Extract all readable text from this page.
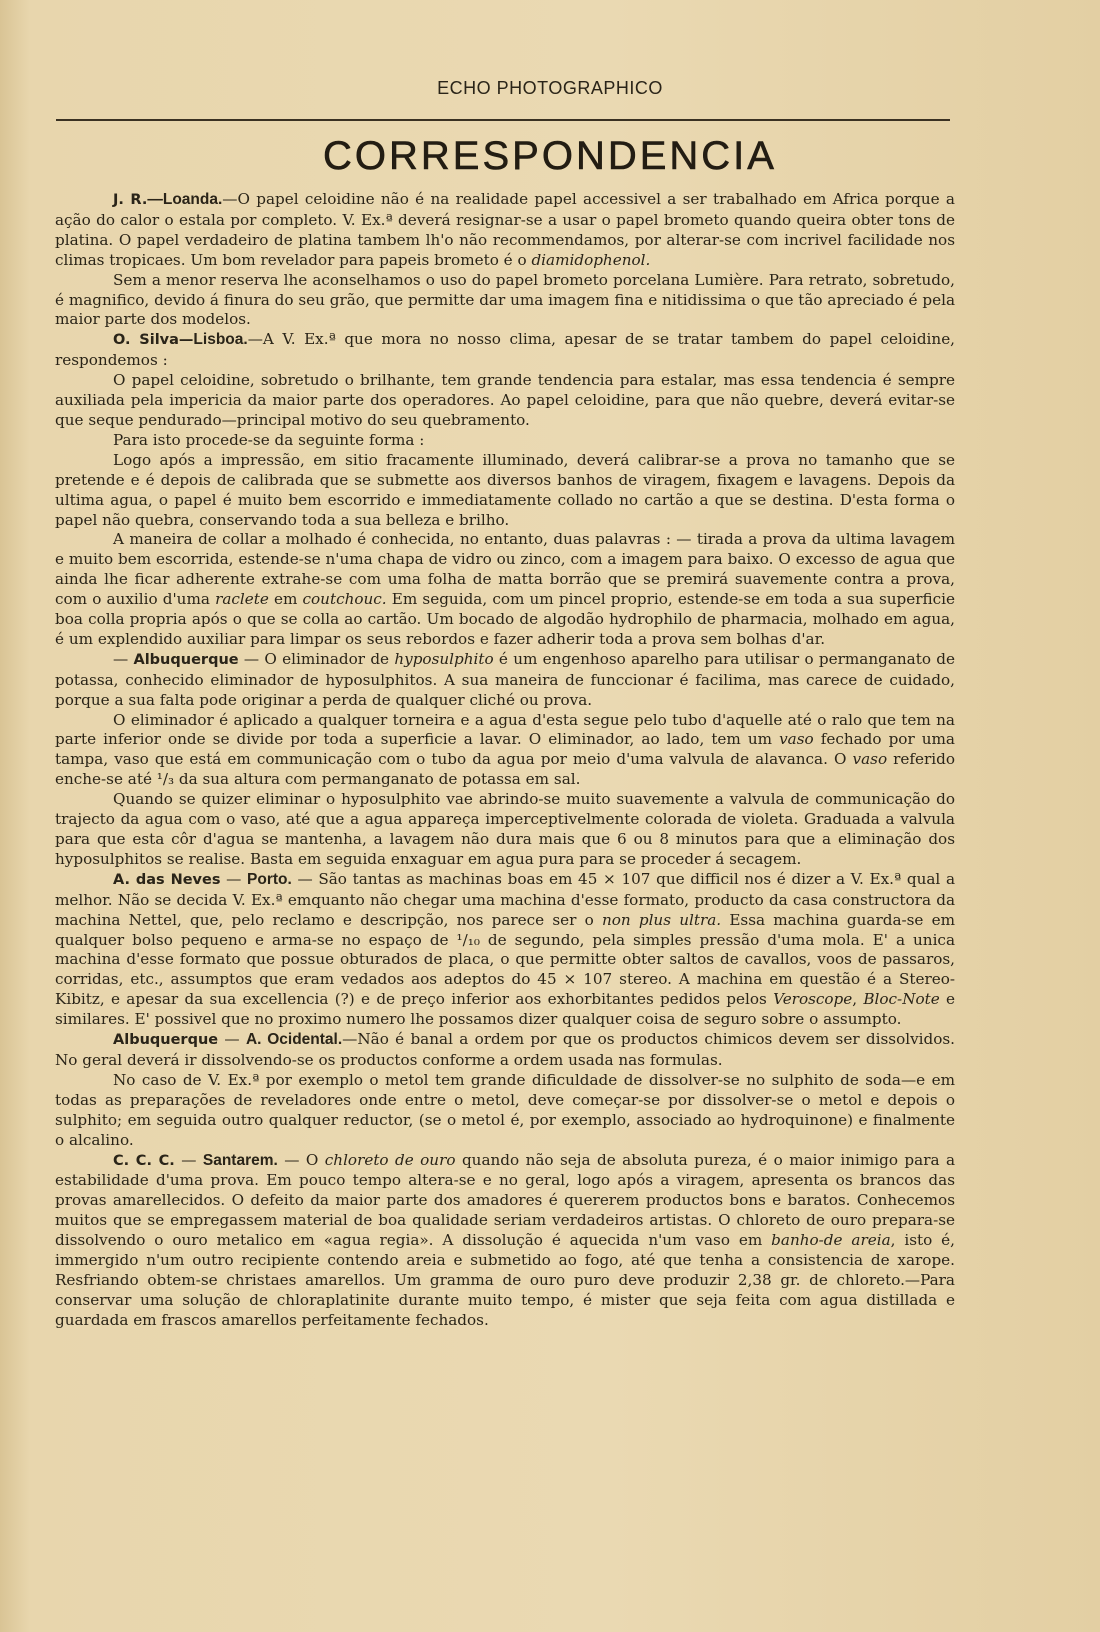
ECHO PHOTOGRAPHICO
CORRESPONDENCIA

J. R.—Loanda.—O papel celoidine não é na realidade papel accessivel a ser trabalhado em Africa porque a ação do calor o estala por completo. V. Ex.ª deverá resignar-se a usar o papel brometo quando queira obter tons de platina. O papel verdadeiro de platina tambem lh'o não recommendamos, por alterar-se com incrivel facilidade nos climas tropicaes. Um bom revelador para papeis brometo é o diamidophenol.

Sem a menor reserva lhe aconselhamos o uso do papel brometo porcelana Lumière. Para retrato, sobretudo, é magnifico, devido á finura do seu grão, que permitte dar uma imagem fina e nitidissima o que tão apreciado é pela maior parte dos modelos.

O. Silva—Lisboa.—A V. Ex.ª que mora no nosso clima, apesar de se tratar tambem do papel celoidine, respondemos :

O papel celoidine, sobretudo o brilhante, tem grande tendencia para estalar, mas essa tendencia é sempre auxiliada pela impericia da maior parte dos operadores. Ao papel celoidine, para que não quebre, deverá evitar-se que seque pendurado—principal motivo do seu quebramento.

Para isto procede-se da seguinte forma :

Logo após a impressão, em sitio fracamente illuminado, deverá calibrar-se a prova no tamanho que se pretende e é depois de calibrada que se submette aos diversos banhos de viragem, fixagem e lavagens. Depois da ultima agua, o papel é muito bem escorrido e immediatamente collado no cartão a que se destina. D'esta forma o papel não quebra, conservando toda a sua belleza e brilho.

A maneira de collar a molhado é conhecida, no entanto, duas palavras : — tirada a prova da ultima lavagem e muito bem escorrida, estende-se n'uma chapa de vidro ou zinco, com a imagem para baixo. O excesso de agua que ainda lhe ficar adherente extrahe-se com uma folha de matta borrão que se premirá suavemente contra a prova, com o auxilio d'uma raclete em coutchouc. Em seguida, com um pincel proprio, estende-se em toda a sua superficie boa colla propria após o que se colla ao cartão. Um bocado de algodão hydrophilo de pharmacia, molhado em agua, é um explendido auxiliar para limpar os seus rebordos e fazer adherir toda a prova sem bolhas d'ar.

— Albuquerque — O eliminador de hyposulphito é um engenhoso aparelho para utilisar o permanganato de potassa, conhecido eliminador de hyposulphitos. A sua maneira de funccionar é facilima, mas carece de cuidado, porque a sua falta pode originar a perda de qualquer cliché ou prova.

O eliminador é aplicado a qualquer torneira e a agua d'esta segue pelo tubo d'aquelle até o ralo que tem na parte inferior onde se divide por toda a superficie a lavar. O eliminador, ao lado, tem um vaso fechado por uma tampa, vaso que está em communicação com o tubo da agua por meio d'uma valvula de alavanca. O vaso referido enche-se até ¹/₃ da sua altura com permanganato de potassa em sal.

Quando se quizer eliminar o hyposulphito vae abrindo-se muito suavemente a valvula de communicação do trajecto da agua com o vaso, até que a agua appareça imperceptivelmente colorada de violeta. Graduada a valvula para que esta côr d'agua se mantenha, a lavagem não dura mais que 6 ou 8 minutos para que a eliminação dos hyposulphitos se realise. Basta em seguida enxaguar em agua pura para se proceder á secagem.

A. das Neves — Porto. — São tantas as machinas boas em 45 × 107 que difficil nos é dizer a V. Ex.ª qual a melhor. Não se decida V. Ex.ª emquanto não chegar uma machina d'esse formato, producto da casa constructora da machina Nettel, que, pelo reclamo e descripção, nos parece ser o non plus ultra. Essa machina guarda-se em qualquer bolso pequeno e arma-se no espaço de ¹/₁₀ de segundo, pela simples pressão d'uma mola. E' a unica machina d'esse formato que possue obturados de placa, o que permitte obter saltos de cavallos, voos de passaros, corridas, etc., assumptos que eram vedados aos adeptos do 45 × 107 stereo. A machina em questão é a Stereo-Kibitz, e apesar da sua excellencia (?) e de preço inferior aos exhorbitantes pedidos pelos Veroscope, Bloc-Note e similares. E' possivel que no proximo numero lhe possamos dizer qualquer coisa de seguro sobre o assumpto.

Albuquerque — A. Ocidental.—Não é banal a ordem por que os productos chimicos devem ser dissolvidos. No geral deverá ir dissolvendo-se os productos conforme a ordem usada nas formulas.

No caso de V. Ex.ª por exemplo o metol tem grande dificuldade de dissolver-se no sulphito de soda—e em todas as preparações de reveladores onde entre o metol, deve começar-se por dissolver-se o metol e depois o sulphito; em seguida outro qualquer reductor, (se o metol é, por exemplo, associado ao hydroquinone) e finalmente o alcalino.

C. C. C. — Santarem. — O chloreto de ouro quando não seja de absoluta pureza, é o maior inimigo para a estabilidade d'uma prova. Em pouco tempo altera-se e no geral, logo após a viragem, apresenta os brancos das provas amarellecidos. O defeito da maior parte dos amadores é quererem productos bons e baratos. Conhecemos muitos que se empregassem material de boa qualidade seriam verdadeiros artistas. O chloreto de ouro prepara-se dissolvendo o ouro metalico em «agua regia». A dissolução é aquecida n'um vaso em banho-de areia, isto é, immergido n'um outro recipiente contendo areia e submetido ao fogo, até que tenha a consistencia de xarope. Resfriando obtem-se christaes amarellos. Um gramma de ouro puro deve produzir 2,38 gr. de chloreto.—Para conservar uma solução de chloraplatinite durante muito tempo, é mister que seja feita com agua distillada e guardada em frascos amarellos perfeitamente fechados.
